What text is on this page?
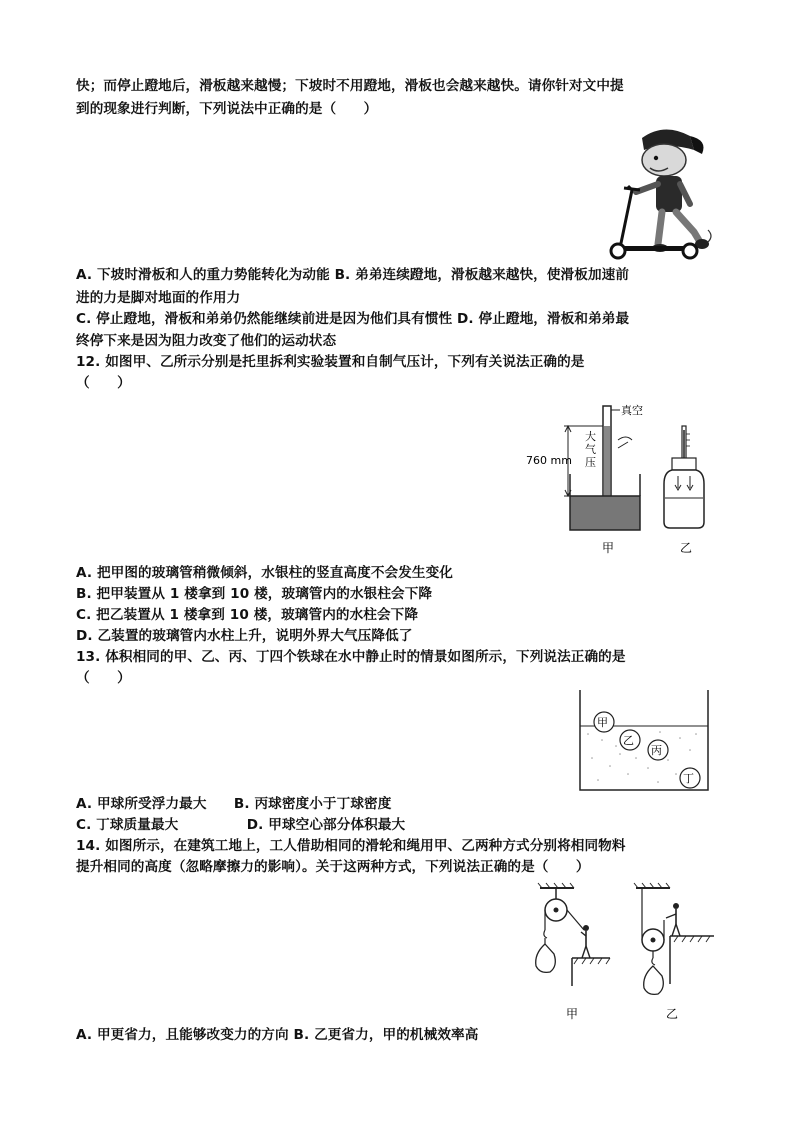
快；而停止蹬地后，滑板越来越慢；下坡时不用蹬地，滑板也会越来越快。请你针对文中提
到的现象进行判断，下列说法中正确的是（　　）
A. 下坡时滑板和人的重力势能转化为动能 B. 弟弟连续蹬地，滑板越来越快，使滑板加速前
进的力是脚对地面的作用力
C. 停止蹬地，滑板和弟弟仍然能继续前进是因为他们具有惯性 D. 停止蹬地，滑板和弟弟最
终停下来是因为阻力改变了他们的运动状态
12. 如图甲、乙所示分别是托里拆利实验装置和自制气压计，下列有关说法正确的是
（　　）
真空
760 mm
大
气
压
甲	乙
A. 把甲图的玻璃管稍微倾斜，水银柱的竖直高度不会发生变化
B. 把甲装置从 1 楼拿到 10 楼，玻璃管内的水银柱会下降
C. 把乙装置从 1 楼拿到 10 楼，玻璃管内的水柱会下降
D. 乙装置的玻璃管内水柱上升，说明外界大气压降低了
13. 体积相同的甲、乙、丙、丁四个铁球在水中静止时的情景如图所示，下列说法正确的是
（　　）
甲
乙
丙
丁
A. 甲球所受浮力最大　　B. 丙球密度小于丁球密度
C. 丁球质量最大　　　　　D. 甲球空心部分体积最大
14. 如图所示，在建筑工地上，工人借助相同的滑轮和绳用甲、乙两种方式分别将相同物料
提升相同的高度（忽略摩擦力的影响）。关于这两种方式，下列说法正确的是（　　）
甲	乙
A. 甲更省力，且能够改变力的方向 B. 乙更省力，甲的机械效率高
